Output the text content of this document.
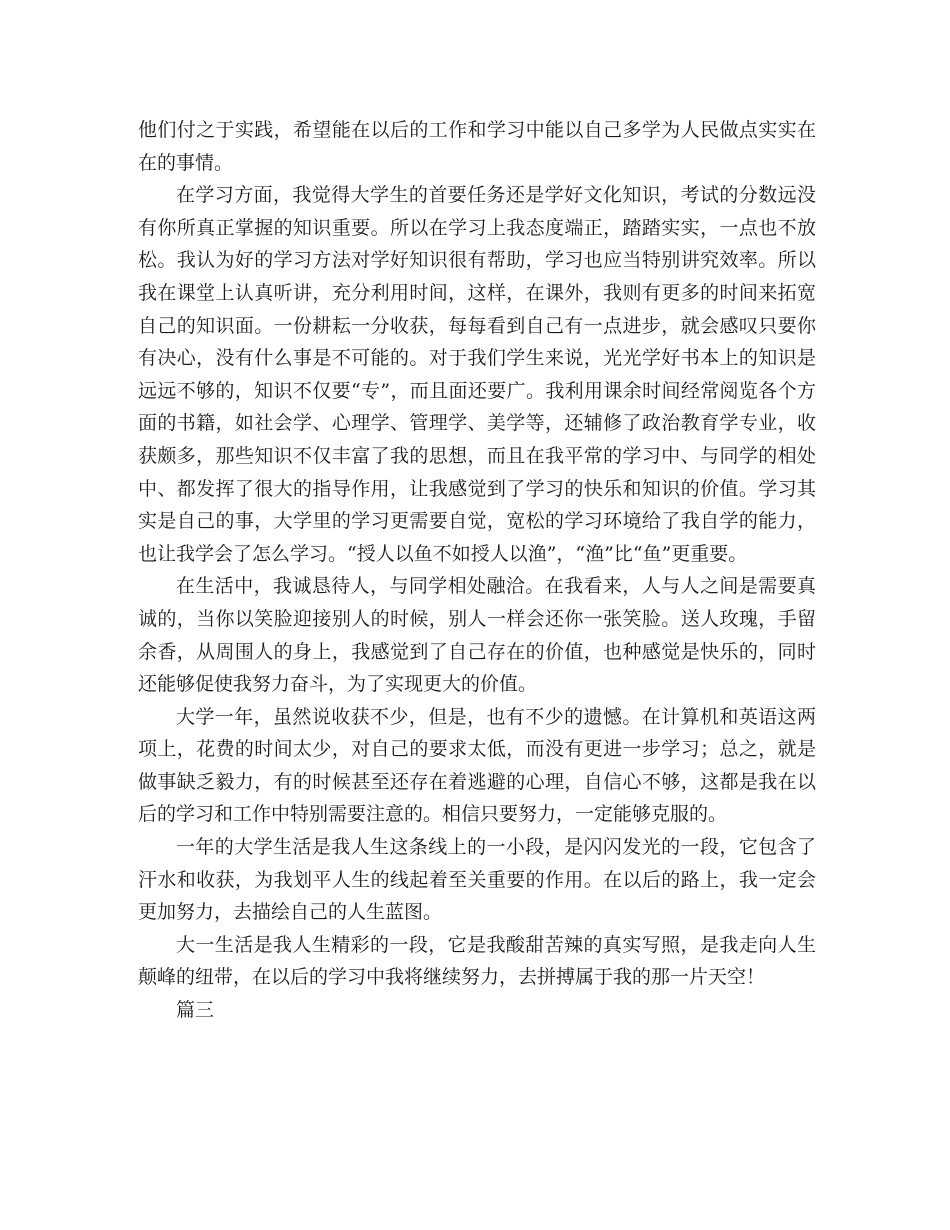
他们付之于实践，希望能在以后的工作和学习中能以自己多学为人民做点实实在在的事情。

在学习方面，我觉得大学生的首要任务还是学好文化知识，考试的分数远没有你所真正掌握的知识重要。所以在学习上我态度端正，踏踏实实，一点也不放松。我认为好的学习方法对学好知识很有帮助，学习也应当特别讲究效率。所以我在课堂上认真听讲，充分利用时间，这样，在课外，我则有更多的时间来拓宽自己的知识面。一份耕耘一分收获，每每看到自己有一点进步，就会感叹只要你有决心，没有什么事是不可能的。对于我们学生来说，光光学好书本上的知识是远远不够的，知识不仅要“专”，而且面还要广。我利用课余时间经常阅览各个方面的书籍，如社会学、心理学、管理学、美学等，还辅修了政治教育学专业，收获颇多，那些知识不仅丰富了我的思想，而且在我平常的学习中、与同学的相处中、都发挥了很大的指导作用，让我感觉到了学习的快乐和知识的价值。学习其实是自己的事，大学里的学习更需要自觉，宽松的学习环境给了我自学的能力，也让我学会了怎么学习。“授人以鱼不如授人以渔”，“渔”比“鱼”更重要。

在生活中，我诚恳待人，与同学相处融洽。在我看来，人与人之间是需要真诚的，当你以笑脸迎接别人的时候，别人一样会还你一张笑脸。送人玫瑰，手留余香，从周围人的身上，我感觉到了自己存在的价值，也种感觉是快乐的，同时还能够促使我努力奋斗，为了实现更大的价值。

大学一年，虽然说收获不少，但是，也有不少的遗憾。在计算机和英语这两项上，花费的时间太少，对自己的要求太低，而没有更进一步学习；总之，就是做事缺乏毅力，有的时候甚至还存在着逃避的心理，自信心不够，这都是我在以后的学习和工作中特别需要注意的。相信只要努力，一定能够克服的。

一年的大学生活是我人生这条线上的一小段，是闪闪发光的一段，它包含了汗水和收获，为我划平人生的线起着至关重要的作用。在以后的路上，我一定会更加努力，去描绘自己的人生蓝图。

大一生活是我人生精彩的一段，它是我酸甜苦辣的真实写照，是我走向人生颠峰的纽带，在以后的学习中我将继续努力，去拼搏属于我的那一片天空！

篇三
